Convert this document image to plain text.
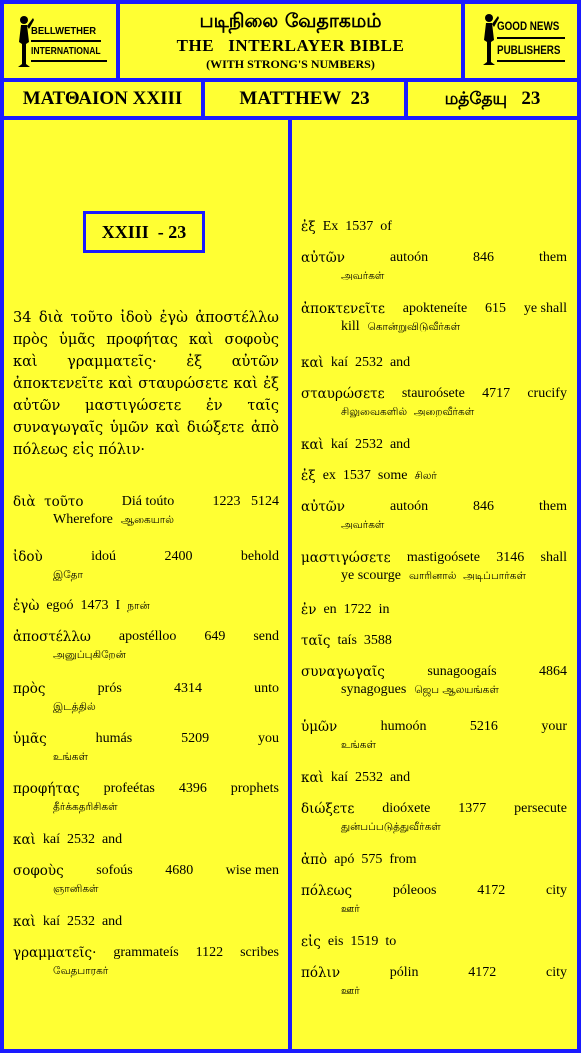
BELLWETHER
INTERNATIONAL
படிநிலை வேதாகமம்
THE   INTERLAYER BIBLE
(WITH STRONG'S NUMBERS)
GOOD NEWS
PUBLISHERS
ΜΑΤΘΑΙΟΝ XXIII	MATTHEW  23	மத்தேயு 23
XXIII  - 23
34 διὰ τοῦτο ἰδοὺ ἐγὼ ἀποστέλλω πρὸς ὑμᾶς προφήτας καὶ σοφοὺς καὶ γραμματεῖς· ἐξ αὐτῶν ἀποκτενεῖτε καὶ σταυρώσετε καὶ ἐξ αὐτῶν μαστιγώσετε ἐν ταῖς συναγωγαῖς ὑμῶν καὶ διώξετε ἀπὸ πόλεως εἰς πόλιν·
διὰ  τοῦτο	Diá toúto	1223   5124
Wherefore ஆகையால்
ἰδοὺ	idoú	2400	behold
இதோ
ἐγὼ egoó 1473 I நான்
ἀποστέλλω apostélloo 649 send
அனுப்புகிறேன்
πρὸς	prós	4314	unto
இடத்தில்
ὑμᾶς	humás	5209	you
உங்கள்
προφήτας profeétas 4396 prophets
தீர்க்கதரிசிகள்
καὶ kaí 2532 and
σοφοὺς sofoús 4680 wise men
ஞானிகள்
καὶ kaí 2532 and
γραμματεῖς· grammateís 1122 scribes
வேதபாரகர்
ἐξ Ex 1537 of
αὐτῶν	autoón	846	them
அவர்கள்
ἀποκτενεῖτε apokteneíte 615 ye shall
kill கொன்றுவிடுவீர்கள்
καὶ kaí 2532 and
σταυρώσετε stauroósete 4717 crucify
சிலுவைகளில்  அறைவீர்கள்
καὶ kaí 2532 and
ἐξ ex 1537 some சிலர்
αὐτῶν	autoón	846	them
அவர்கள்
μαστιγώσετε mastigoósete 3146 shall
ye scourge வாரினால்  அடிப்பார்கள்
ἐν en 1722 in
ταῖς taís 3588
συναγωγαῖς	sunagoogaís	4864
synagogues ஜெப ஆலயங்கள்
ὑμῶν	humoón	5216	your
உங்கள்
καὶ kaí 2532 and
διώξετε dioóxete 1377 persecute
துன்பப்படுத்துவீர்கள்
ἀπὸ apó 575 from
πόλεως	póleoos	4172	city
ஊர்
εἰς eis 1519 to
πόλιν	pólin	4172	city
ஊர்
